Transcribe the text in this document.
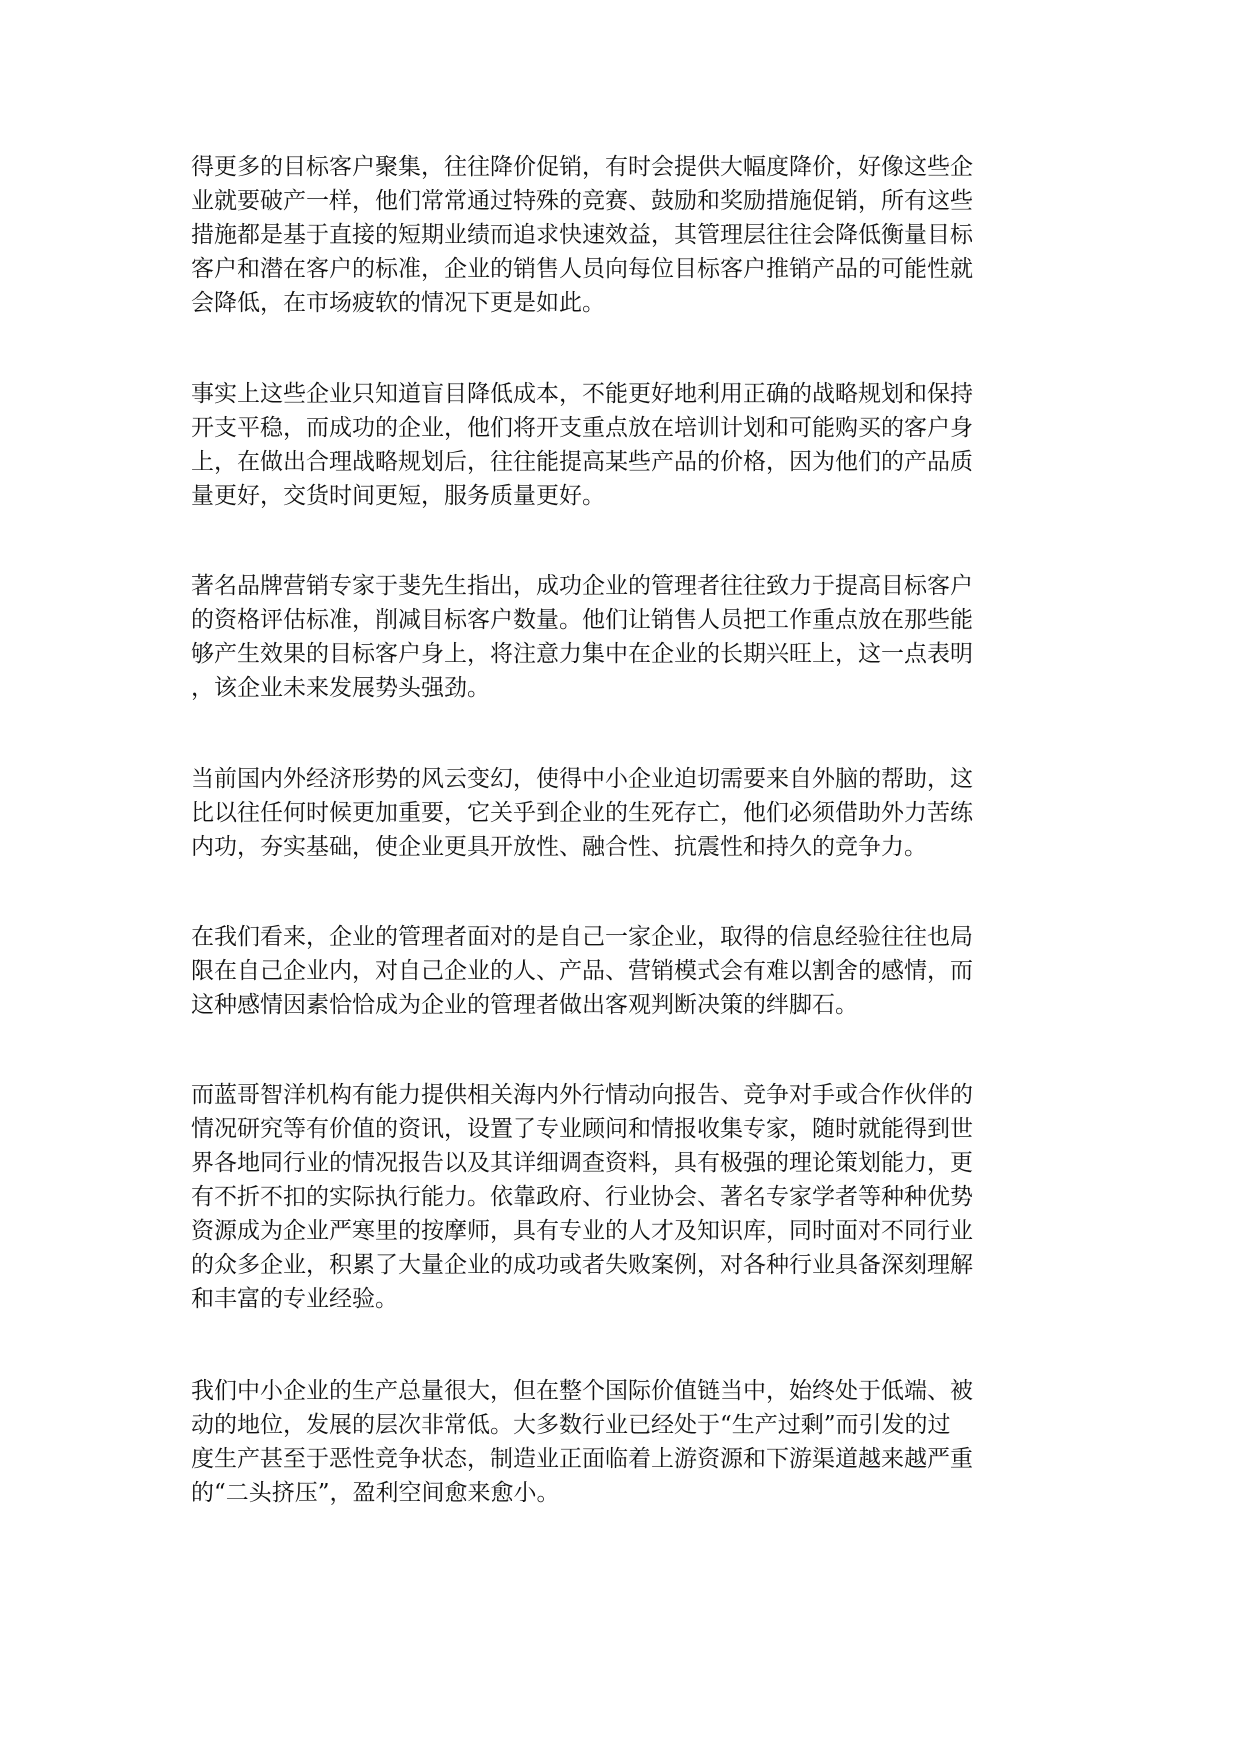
得更多的目标客户聚集，往往降价促销，有时会提供大幅度降价，好像这些企
业就要破产一样，他们常常通过特殊的竞赛、鼓励和奖励措施促销，所有这些
措施都是基于直接的短期业绩而追求快速效益，其管理层往往会降低衡量目标
客户和潜在客户的标准，企业的销售人员向每位目标客户推销产品的可能性就
会降低，在市场疲软的情况下更是如此。

事实上这些企业只知道盲目降低成本，不能更好地利用正确的战略规划和保持
开支平稳，而成功的企业，他们将开支重点放在培训计划和可能购买的客户身
上，在做出合理战略规划后，往往能提高某些产品的价格，因为他们的产品质
量更好，交货时间更短，服务质量更好。

著名品牌营销专家于斐先生指出，成功企业的管理者往往致力于提高目标客户
的资格评估标准，削减目标客户数量。他们让销售人员把工作重点放在那些能
够产生效果的目标客户身上，将注意力集中在企业的长期兴旺上，这一点表明
，该企业未来发展势头强劲。

当前国内外经济形势的风云变幻，使得中小企业迫切需要来自外脑的帮助，这
比以往任何时候更加重要，它关乎到企业的生死存亡，他们必须借助外力苦练
内功，夯实基础，使企业更具开放性、融合性、抗震性和持久的竞争力。

在我们看来，企业的管理者面对的是自己一家企业，取得的信息经验往往也局
限在自己企业内，对自己企业的人、产品、营销模式会有难以割舍的感情，而
这种感情因素恰恰成为企业的管理者做出客观判断决策的绊脚石。

而蓝哥智洋机构有能力提供相关海内外行情动向报告、竞争对手或合作伙伴的
情况研究等有价值的资讯，设置了专业顾问和情报收集专家，随时就能得到世
界各地同行业的情况报告以及其详细调查资料，具有极强的理论策划能力，更
有不折不扣的实际执行能力。依靠政府、行业协会、著名专家学者等种种优势
资源成为企业严寒里的按摩师，具有专业的人才及知识库，同时面对不同行业
的众多企业，积累了大量企业的成功或者失败案例，对各种行业具备深刻理解
和丰富的专业经验。

我们中小企业的生产总量很大，但在整个国际价值链当中，始终处于低端、被
动的地位，发展的层次非常低。大多数行业已经处于“生产过剩”而引发的过
度生产甚至于恶性竞争状态，制造业正面临着上游资源和下游渠道越来越严重
的“二头挤压”，盈利空间愈来愈小。
